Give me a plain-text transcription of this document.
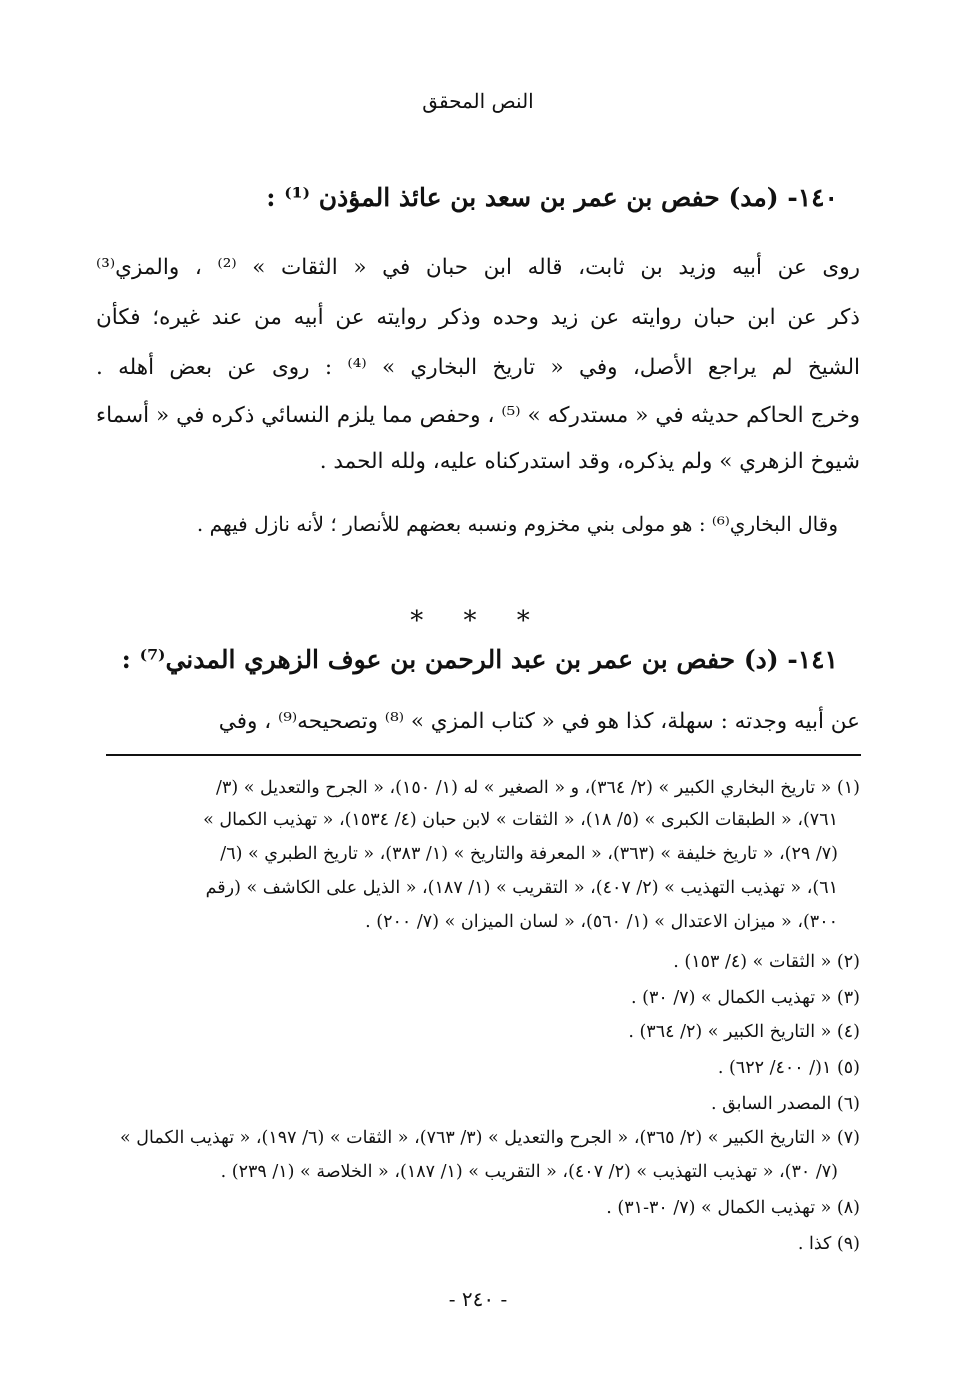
النص المحقق
١٤٠- (مد) حفص بن عمر بن سعد بن عائذ المؤذن ⁽¹⁾ :
روى عن أبيه وزيد بن ثابت، قاله ابن حبان في « الثقات » ⁽²⁾ ، والمزي⁽³⁾
ذكر عن ابن حبان روايته عن زيد وحده وذكر روايته عن أبيه من عند غيره؛ فكأن
الشيخ لم يراجع الأصل، وفي « تاريخ البخاري » ⁽⁴⁾ : روى عن بعض أهله .
وخرج الحاكم حديثه في « مستدركه » ⁽⁵⁾ ، وحفص مما يلزم النسائي ذكره في « أسماء
شيوخ الزهري » ولم يذكره، وقد استدركناه عليه، ولله الحمد .
وقال البخاري⁽⁶⁾ : هو مولى بني مخزوم ونسبه بعضهم للأنصار ؛ لأنه نازل فيهم .
* * *
١٤١- (د) حفص بن عمر بن عبد الرحمن بن عوف الزهري المدني⁽⁷⁾ :
عن أبيه وجدته : سهلة، كذا هو في « كتاب المزي » ⁽⁸⁾ وتصحيحه⁽⁹⁾ ، وفي
(١) « تاريخ البخاري الكبير » (٢/ ٣٦٤)، و « الصغير » له (١/ ١٥٠)، « الجرح والتعديل » (٣/
٧٦١)، « الطبقات الكبرى » (٥/ ١٨)، « الثقات » لابن حبان (٤/ ١٥٣٤)، « تهذيب الكمال »
(٧/ ٢٩)، « تاريخ خليفة » (٣٦٣)، « المعرفة والتاريخ » (١/ ٣٨٣)، « تاريخ الطبري » (٦/
٦١)، « تهذيب التهذيب » (٢/ ٤٠٧)، « التقريب » (١/ ١٨٧)، « الذيل على الكاشف » (رقم
٣٠٠)، « ميزان الاعتدال » (١/ ٥٦٠)، « لسان الميزان » (٧/ ٢٠٠) .
(٢) « الثقات » (٤/ ١٥٣) .
(٣) « تهذيب الكمال » (٧/ ٣٠) .
(٤) « التاريخ الكبير » (٢/ ٣٦٤) .
(٥) ١(/ ٤٠٠/ ٦٢٢) .
(٦) المصدر السابق .
(٧) « التاريخ الكبير » (٢/ ٣٦٥)، « الجرح والتعديل » (٣/ ٧٦٣)، « الثقات » (٦/ ١٩٧)، « تهذيب الكمال »
(٧/ ٣٠)، « تهذيب التهذيب » (٢/ ٤٠٧)، « التقريب » (١/ ١٨٧)، « الخلاصة » (١/ ٢٣٩) .
(٨) « تهذيب الكمال » (٧/ ٣٠-٣١) .
(٩) كذا .
- ٢٤٠ -
